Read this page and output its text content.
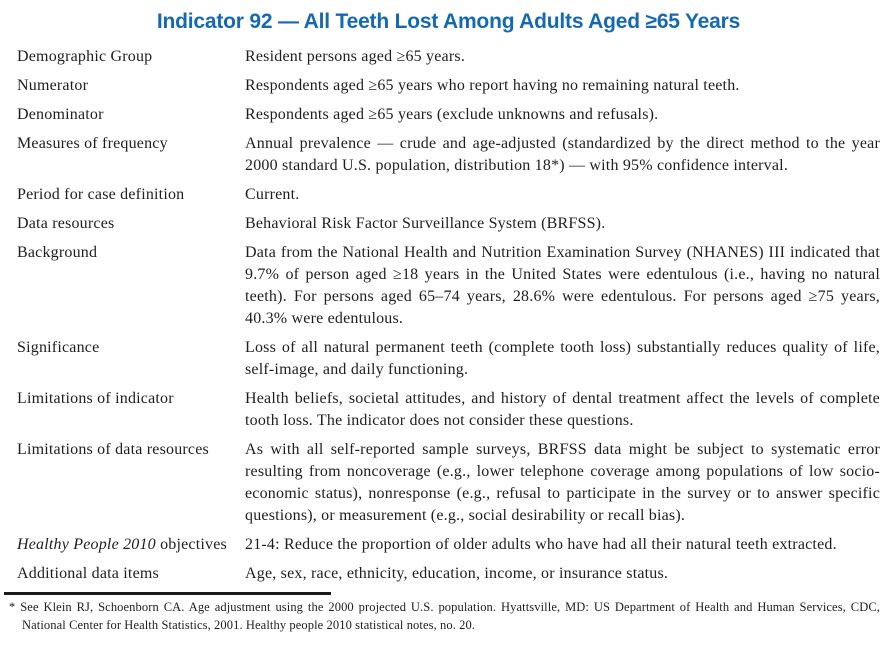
Indicator 92 — All Teeth Lost Among Adults Aged ≥65 Years
Demographic Group	Resident persons aged ≥65 years.
Numerator	Respondents aged ≥65 years who report having no remaining natural teeth.
Denominator	Respondents aged ≥65 years (exclude unknowns and refusals).
Measures of frequency	Annual prevalence — crude and age-adjusted (standardized by the direct method to the year 2000 standard U.S. population, distribution 18*) — with 95% confidence interval.
Period for case definition	Current.
Data resources	Behavioral Risk Factor Surveillance System (BRFSS).
Background	Data from the National Health and Nutrition Examination Survey (NHANES) III indicated that 9.7% of person aged ≥18 years in the United States were edentulous (i.e., having no natural teeth). For persons aged 65–74 years, 28.6% were edentulous. For persons aged ≥75 years, 40.3% were edentulous.
Significance	Loss of all natural permanent teeth (complete tooth loss) substantially reduces quality of life, self-image, and daily functioning.
Limitations of indicator	Health beliefs, societal attitudes, and history of dental treatment affect the levels of complete tooth loss. The indicator does not consider these questions.
Limitations of data resources	As with all self-reported sample surveys, BRFSS data might be subject to systematic error resulting from noncoverage (e.g., lower telephone coverage among populations of low socio-economic status), nonresponse (e.g., refusal to participate in the survey or to answer specific questions), or measurement (e.g., social desirability or recall bias).
Healthy People 2010 objectives	21-4: Reduce the proportion of older adults who have had all their natural teeth extracted.
Additional data items	Age, sex, race, ethnicity, education, income, or insurance status.
* See Klein RJ, Schoenborn CA. Age adjustment using the 2000 projected U.S. population. Hyattsville, MD: US Department of Health and Human Services, CDC, National Center for Health Statistics, 2001. Healthy people 2010 statistical notes, no. 20.
